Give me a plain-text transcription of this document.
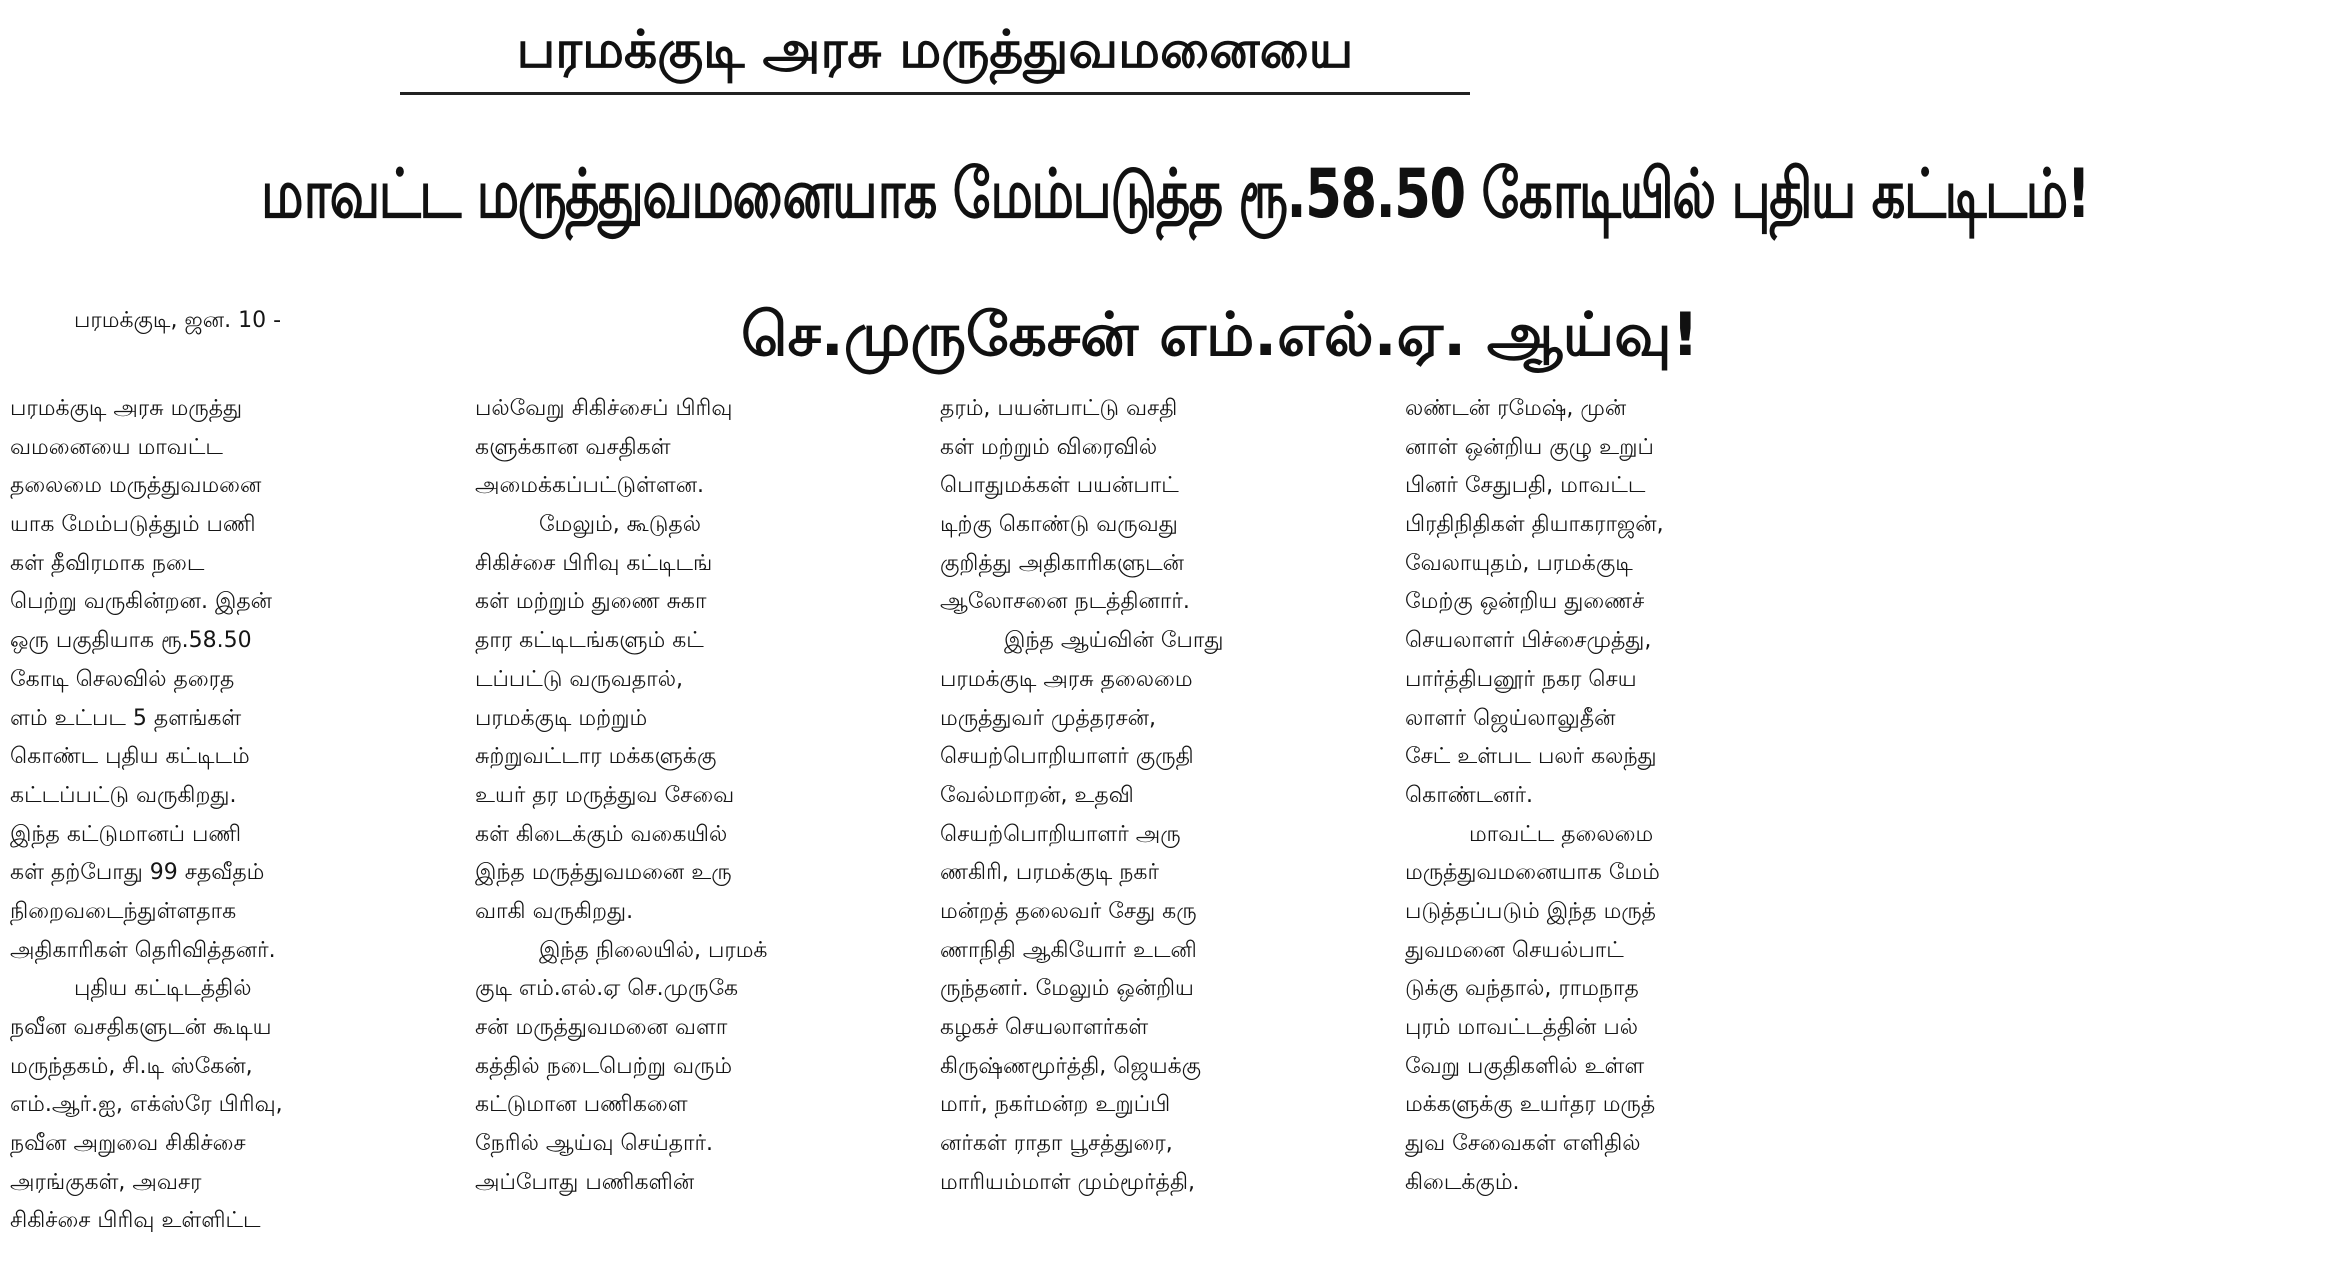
பரமக்குடி அரசு மருத்துவமனையை
மாவட்ட மருத்துவமனையாக மேம்படுத்த ரூ.58.50 கோடியில் புதிய கட்டிடம்!
செ.முருகேசன் எம்.எல்.ஏ. ஆய்வு!
பரமக்குடி, ஜன. 10 -
பரமக்குடி அரசு மருத்து
வமனையை மாவட்ட
தலைமை மருத்துவமனை
யாக மேம்படுத்தும் பணி
கள் தீவிரமாக நடை
பெற்று வருகின்றன. இதன்
ஒரு பகுதியாக ரூ.58.50
கோடி செலவில் தரைத
ளம் உட்பட 5 தளங்கள்
கொண்ட புதிய கட்டிடம்
கட்டப்பட்டு வருகிறது.
இந்த கட்டுமானப் பணி
கள் தற்போது 99 சதவீதம்
நிறைவடைந்துள்ளதாக
அதிகாரிகள் தெரிவித்தனர்.
புதிய கட்டிடத்தில்
நவீன வசதிகளுடன் கூடிய
மருந்தகம், சி.டி ஸ்கேன்,
எம்.ஆர்.ஐ, எக்ஸ்ரே பிரிவு,
நவீன அறுவை சிகிச்சை
அரங்குகள், அவசர
சிகிச்சை பிரிவு உள்ளிட்ட
பல்வேறு சிகிச்சைப் பிரிவு
களுக்கான வசதிகள்
அமைக்கப்பட்டுள்ளன.
மேலும், கூடுதல்
சிகிச்சை பிரிவு கட்டிடங்
கள் மற்றும் துணை சுகா
தார கட்டிடங்களும் கட்
டப்பட்டு வருவதால்,
பரமக்குடி மற்றும்
சுற்றுவட்டார மக்களுக்கு
உயர் தர மருத்துவ சேவை
கள் கிடைக்கும் வகையில்
இந்த மருத்துவமனை உரு
வாகி வருகிறது.
இந்த நிலையில், பரமக்
குடி எம்.எல்.ஏ செ.முருகே
சன் மருத்துவமனை வளா
கத்தில் நடைபெற்று வரும்
கட்டுமான பணிகளை
நேரில் ஆய்வு செய்தார்.
அப்போது பணிகளின்
தரம், பயன்பாட்டு வசதி
கள் மற்றும் விரைவில்
பொதுமக்கள் பயன்பாட்
டிற்கு கொண்டு வருவது
குறித்து அதிகாரிகளுடன்
ஆலோசனை நடத்தினார்.
இந்த ஆய்வின் போது
பரமக்குடி அரசு தலைமை
மருத்துவர் முத்தரசன்,
செயற்பொறியாளர் குருதி
வேல்மாறன், உதவி
செயற்பொறியாளர் அரு
ணகிரி, பரமக்குடி நகர்
மன்றத் தலைவர் சேது கரு
ணாநிதி ஆகியோர் உடனி
ருந்தனர். மேலும் ஒன்றிய
கழகச் செயலாளர்கள்
கிருஷ்ணமூர்த்தி, ஜெயக்கு
மார், நகர்மன்ற உறுப்பி
னர்கள் ராதா பூசத்துரை,
மாரியம்மாள் மும்மூர்த்தி,
லண்டன் ரமேஷ், முன்
னாள் ஒன்றிய குழு உறுப்
பினர் சேதுபதி, மாவட்ட
பிரதிநிதிகள் தியாகராஜன்,
வேலாயுதம், பரமக்குடி
மேற்கு ஒன்றிய துணைச்
செயலாளர் பிச்சைமுத்து,
பார்த்திபனூர் நகர செய
லாளர் ஜெய்லாலுதீன்
சேட் உள்பட பலர் கலந்து
கொண்டனர்.
மாவட்ட தலைமை
மருத்துவமனையாக மேம்
படுத்தப்படும் இந்த மருத்
துவமனை செயல்பாட்
டுக்கு வந்தால், ராமநாத
புரம் மாவட்டத்தின் பல்
வேறு பகுதிகளில் உள்ள
மக்களுக்கு உயர்தர மருத்
துவ சேவைகள் எளிதில்
கிடைக்கும்.
